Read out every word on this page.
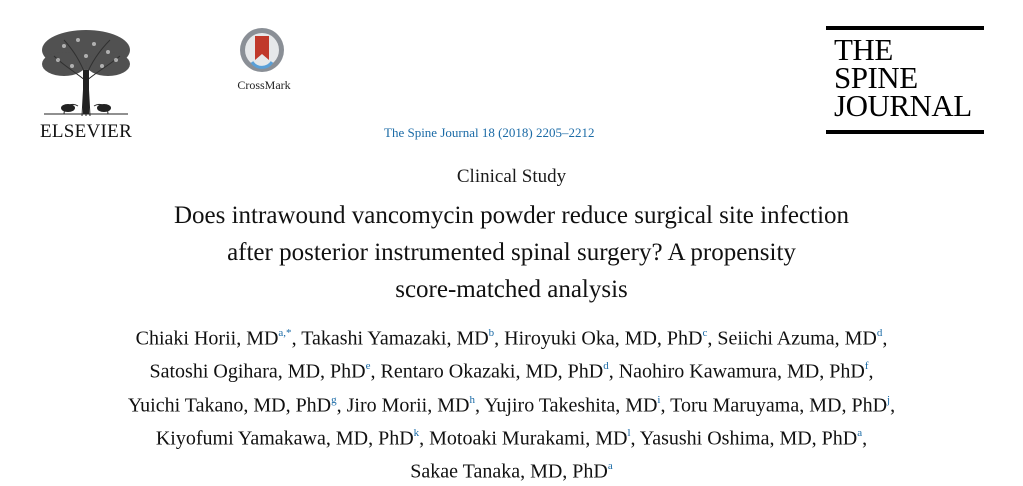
ELSEVIER
CrossMark
The Spine Journal 18 (2018) 2205–2212
THE
SPINE
JOURNAL
Clinical Study
Does intrawound vancomycin powder reduce surgical site infection
after posterior instrumented spinal surgery? A propensity
score-matched analysis
Chiaki Horii, MD$^{a,*}$, Takashi Yamazaki, MD$^b$, Hiroyuki Oka, MD, PhD$^c$, Seiichi Azuma, MD$^d$,
Satoshi Ogihara, MD, PhD$^e$, Rentaro Okazaki, MD, PhD$^d$, Naohiro Kawamura, MD, PhD$^f$,
Yuichi Takano, MD, PhD$^g$, Jiro Morii, MD$^h$, Yujiro Takeshita, MD$^i$, Toru Maruyama, MD, PhD$^j$,
Kiyofumi Yamakawa, MD, PhD$^k$, Motoaki Murakami, MD$^l$, Yasushi Oshima, MD, PhD$^a$,
Sakae Tanaka, MD, PhD$^a$
